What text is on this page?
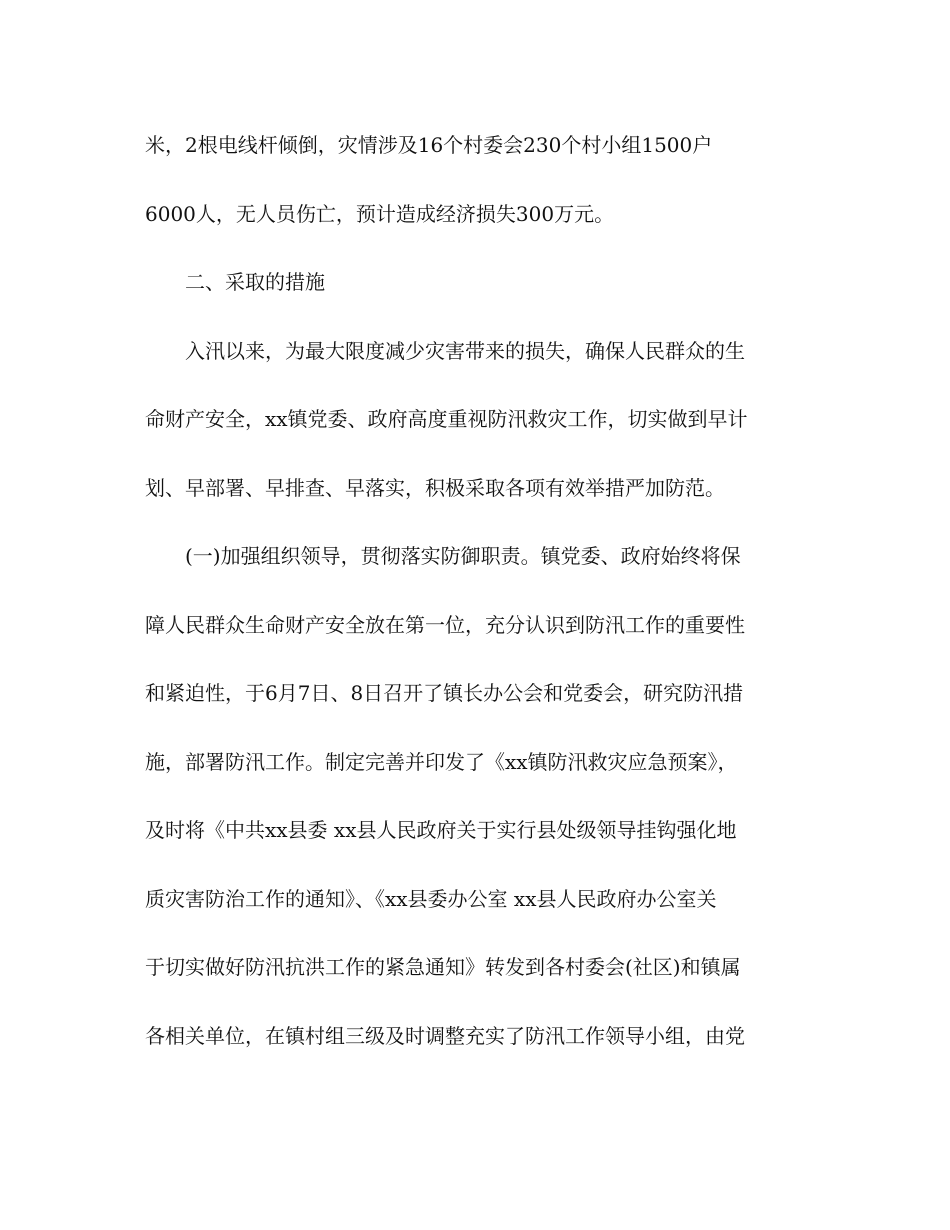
米，2根电线杆倾倒，灾情涉及16个村委会230个村小组1500户

6000人，无人员伤亡，预计造成经济损失300万元。

二、采取的措施

入汛以来，为最大限度减少灾害带来的损失，确保人民群众的生

命财产安全，xx镇党委、政府高度重视防汛救灾工作，切实做到早计

划、早部署、早排查、早落实，积极采取各项有效举措严加防范。

(一)加强组织领导，贯彻落实防御职责。镇党委、政府始终将保

障人民群众生命财产安全放在第一位，充分认识到防汛工作的重要性

和紧迫性，于6月7日、8日召开了镇长办公会和党委会，研究防汛措

施，部署防汛工作。制定完善并印发了《xx镇防汛救灾应急预案》，

及时将《中共xx县委 xx县人民政府关于实行县处级领导挂钩强化地

质灾害防治工作的通知》、《xx县委办公室 xx县人民政府办公室关

于切实做好防汛抗洪工作的紧急通知》转发到各村委会(社区)和镇属

各相关单位，在镇村组三级及时调整充实了防汛工作领导小组，由党
